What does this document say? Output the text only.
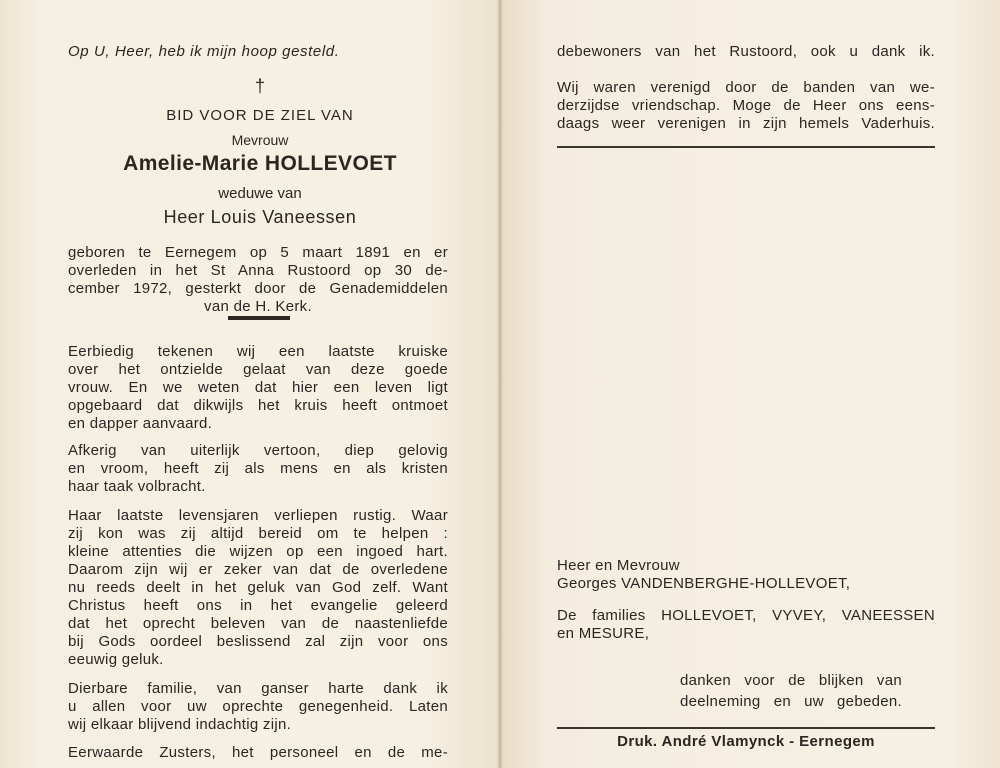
Op U, Heer, heb ik mijn hoop gesteld.
†
BID VOOR DE ZIEL VAN
Mevrouw
Amelie-Marie HOLLEVOET
weduwe van
Heer Louis Vaneessen
geboren te Eernegem op 5 maart 1891 en er
overleden in het St Anna Rustoord op 30 de-
cember 1972, gesterkt door de Genademiddelen
van de H. Kerk.
Eerbiedig tekenen wij een laatste kruiske
over het ontzielde gelaat van deze goede
vrouw. En we weten dat hier een leven ligt
opgebaard dat dikwijls het kruis heeft ontmoet
en dapper aanvaard.
Afkerig van uiterlijk vertoon, diep gelovig
en vroom, heeft zij als mens en als kristen
haar taak volbracht.
Haar laatste levensjaren verliepen rustig. Waar
zij kon was zij altijd bereid om te helpen :
kleine attenties die wijzen op een ingoed hart.
Daarom zijn wij er zeker van dat de overledene
nu reeds deelt in het geluk van God zelf. Want
Christus heeft ons in het evangelie geleerd
dat het oprecht beleven van de naastenliefde
bij Gods oordeel beslissend zal zijn voor ons
eeuwig geluk.
Dierbare familie, van ganser harte dank ik
u allen voor uw oprechte genegenheid. Laten
wij elkaar blijvend indachtig zijn.
Eerwaarde Zusters, het personeel en de me-
debewoners van het Rustoord, ook u dank ik.
Wij waren verenigd door de banden van we-
derzijdse vriendschap. Moge de Heer ons eens-
daags weer verenigen in zijn hemels Vaderhuis.
Heer en Mevrouw
Georges VANDENBERGHE-HOLLEVOET,
De families HOLLEVOET, VYVEY, VANEESSEN
en MESURE,
danken voor de blijken van
deelneming en uw gebeden.
Druk. André Vlamynck - Eernegem
